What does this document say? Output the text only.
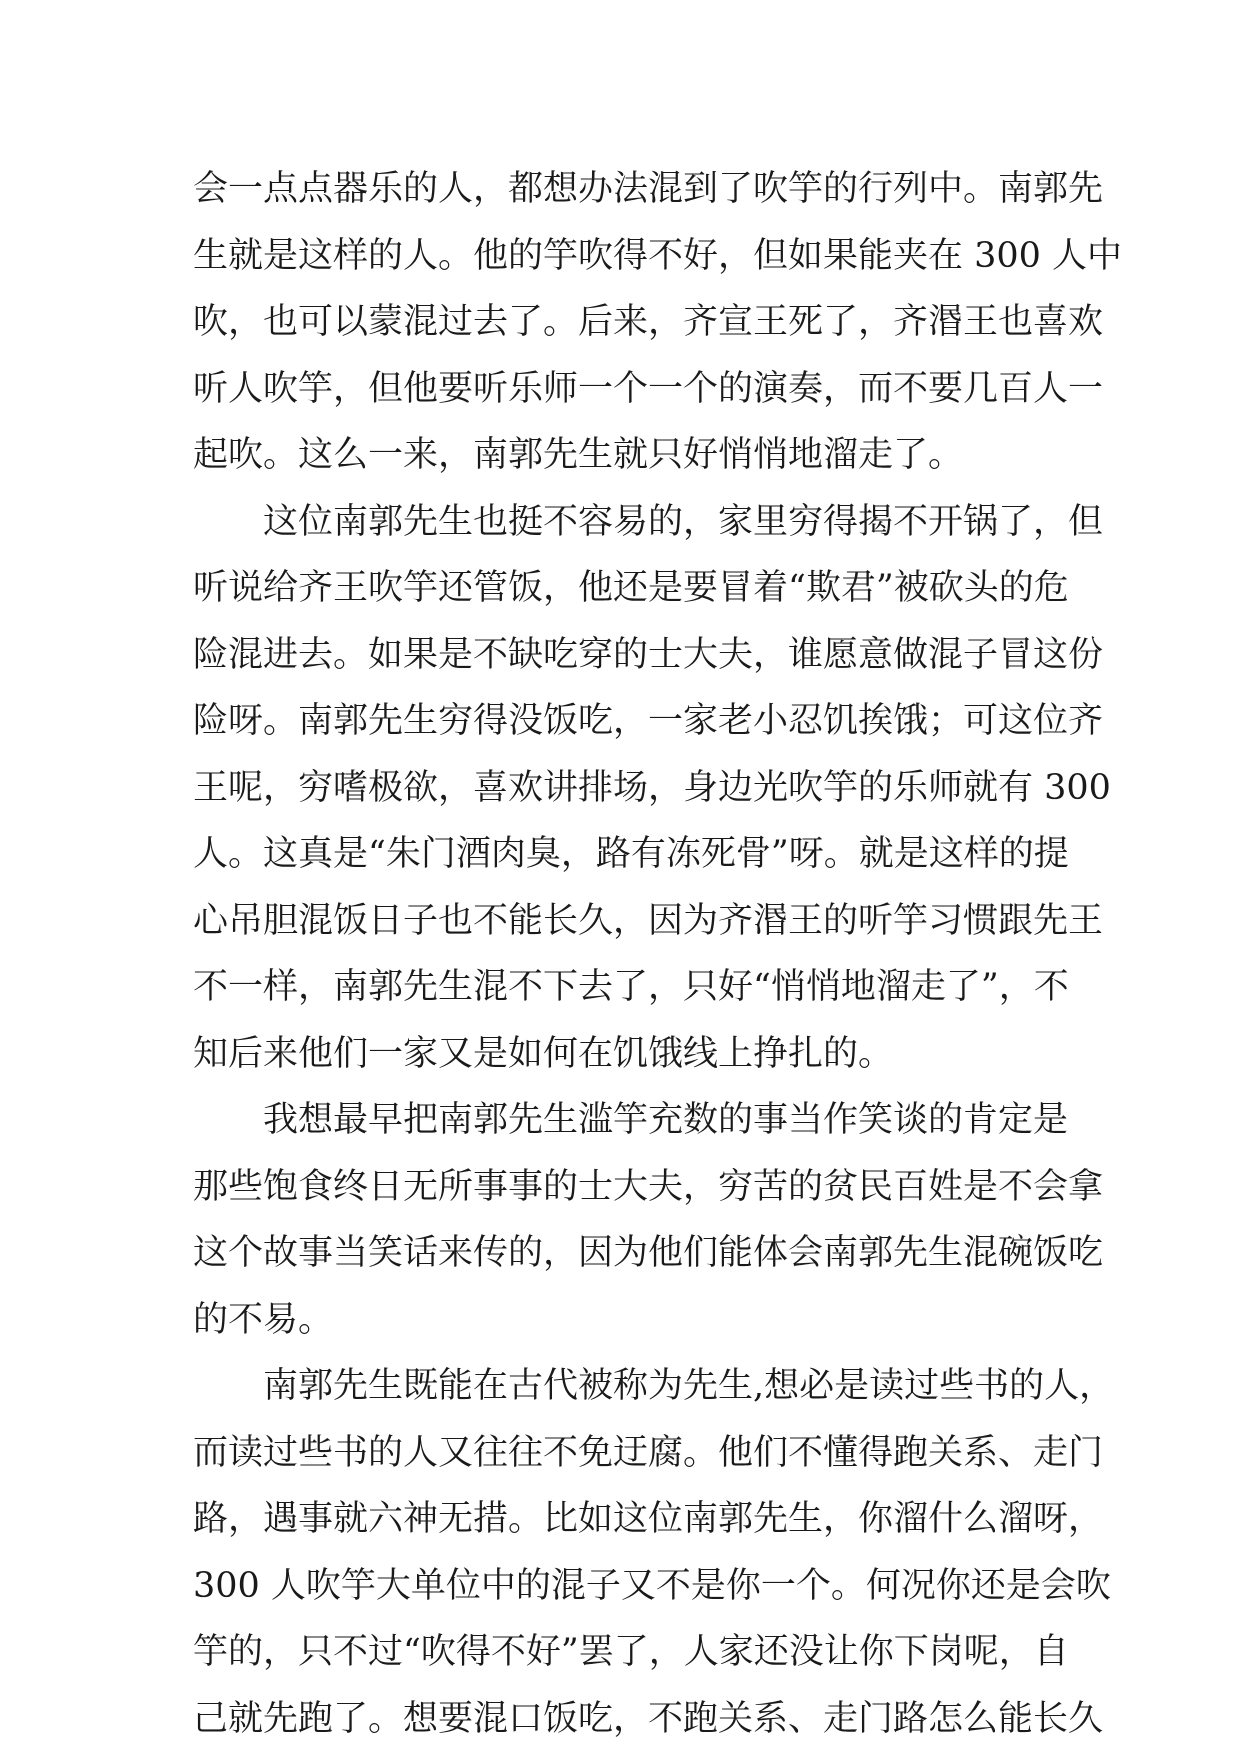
会一点点器乐的人，都想办法混到了吹竽的行列中。南郭先
生就是这样的人。他的竽吹得不好，但如果能夹在 300 人中
吹，也可以蒙混过去了。后来，齐宣王死了，齐湣王也喜欢
听人吹竽，但他要听乐师一个一个的演奏，而不要几百人一
起吹。这么一来，南郭先生就只好悄悄地溜走了。
这位南郭先生也挺不容易的，家里穷得揭不开锅了，但
听说给齐王吹竽还管饭，他还是要冒着“欺君”被砍头的危
险混进去。如果是不缺吃穿的士大夫，谁愿意做混子冒这份
险呀。南郭先生穷得没饭吃，一家老小忍饥挨饿；可这位齐
王呢，穷嗜极欲，喜欢讲排场，身边光吹竽的乐师就有 300
人。这真是“朱门酒肉臭，路有冻死骨”呀。就是这样的提
心吊胆混饭日子也不能长久，因为齐湣王的听竽习惯跟先王
不一样，南郭先生混不下去了，只好“悄悄地溜走了”，不
知后来他们一家又是如何在饥饿线上挣扎的。
我想最早把南郭先生滥竽充数的事当作笑谈的肯定是
那些饱食终日无所事事的士大夫，穷苦的贫民百姓是不会拿
这个故事当笑话来传的，因为他们能体会南郭先生混碗饭吃
的不易。
南郭先生既能在古代被称为先生,想必是读过些书的人，
而读过些书的人又往往不免迂腐。他们不懂得跑关系、走门
路，遇事就六神无措。比如这位南郭先生，你溜什么溜呀，
300 人吹竽大单位中的混子又不是你一个。何况你还是会吹
竽的，只不过“吹得不好”罢了，人家还没让你下岗呢，自
己就先跑了。想要混口饭吃，不跑关系、走门路怎么能长久
